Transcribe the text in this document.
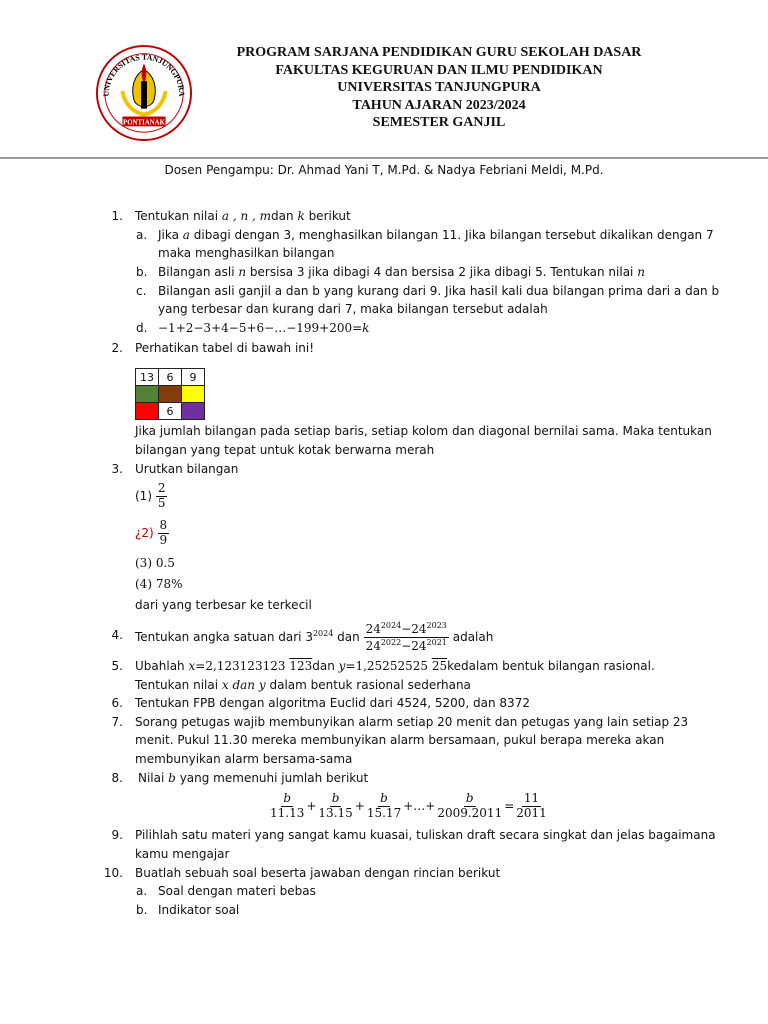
UNIVERSITAS TANJUNGPURA
PONTIANAK
PROGRAM SARJANA PENDIDIKAN GURU SEKOLAH DASAR
FAKULTAS KEGURUAN DAN ILMU PENDIDIKAN
UNIVERSITAS TANJUNGPURA
TAHUN AJARAN 2023/2024
SEMESTER GANJIL
Dosen Pengampu: Dr. Ahmad Yani T, M.Pd. & Nadya Febriani Meldi, M.Pd.
1. Tentukan nilai a , n , mdan k berikut
a. Jika a dibagi dengan 3, menghasilkan bilangan 11. Jika bilangan tersebut dikalikan dengan 7
maka menghasilkan bilangan
b. Bilangan asli n bersisa 3 jika dibagi 4 dan bersisa 2 jika dibagi 5. Tentukan nilai n
c. Bilangan asli ganjil a dan b yang kurang dari 9. Jika hasil kali dua bilangan prima dari a dan b
yang terbesar dan kurang dari 7, maka bilangan tersebut adalah
d. −1+2−3+4−5+6−…−199+200=k
2. Perhatikan tabel di bawah ini!
13	6	9

	6	
Jika jumlah bilangan pada setiap baris, setiap kolom dan diagonal bernilai sama. Maka tentukan
bilangan yang tepat untuk kotak berwarna merah
3. Urutkan bilangan
$(1) \frac{2}{5}$
¿$2) \frac{8}{9}$
(3) 0.5
(4) 78%
dari yang terbesar ke terkecil
4. Tentukan angka satuan dari $3^{2024}$ dan $\frac{24^{2024}-24^{2023}}{24^{2022}-24^{2021}}$ adalah
5. Ubahlah x=2,123123123 123dan y=1,25252525 25kedalam bentuk bilangan rasional.
Tentukan nilai x dan y dalam bentuk rasional sederhana
6. Tentukan FPB dengan algoritma Euclid dari 4524, 5200, dan 8372
7. Sorang petugas wajib membunyikan alarm setiap 20 menit dan petugas yang lain setiap 23
menit. Pukul 11.30 mereka membunyikan alarm bersamaan, pukul berapa mereka akan
membunyikan alarm bersama-sama
8. Nilai b yang memenuhi jumlah berikut
$\frac{b}{11.13} + \frac{b}{13.15} + \frac{b}{15.17}$ +…+ $\frac{b}{2009.2011} = \frac{11}{2011}$
9. Pilihlah satu materi yang sangat kamu kuasai, tuliskan draft secara singkat dan jelas bagaimana
kamu mengajar
10. Buatlah sebuah soal beserta jawaban dengan rincian berikut
a. Soal dengan materi bebas
b. Indikator soal
